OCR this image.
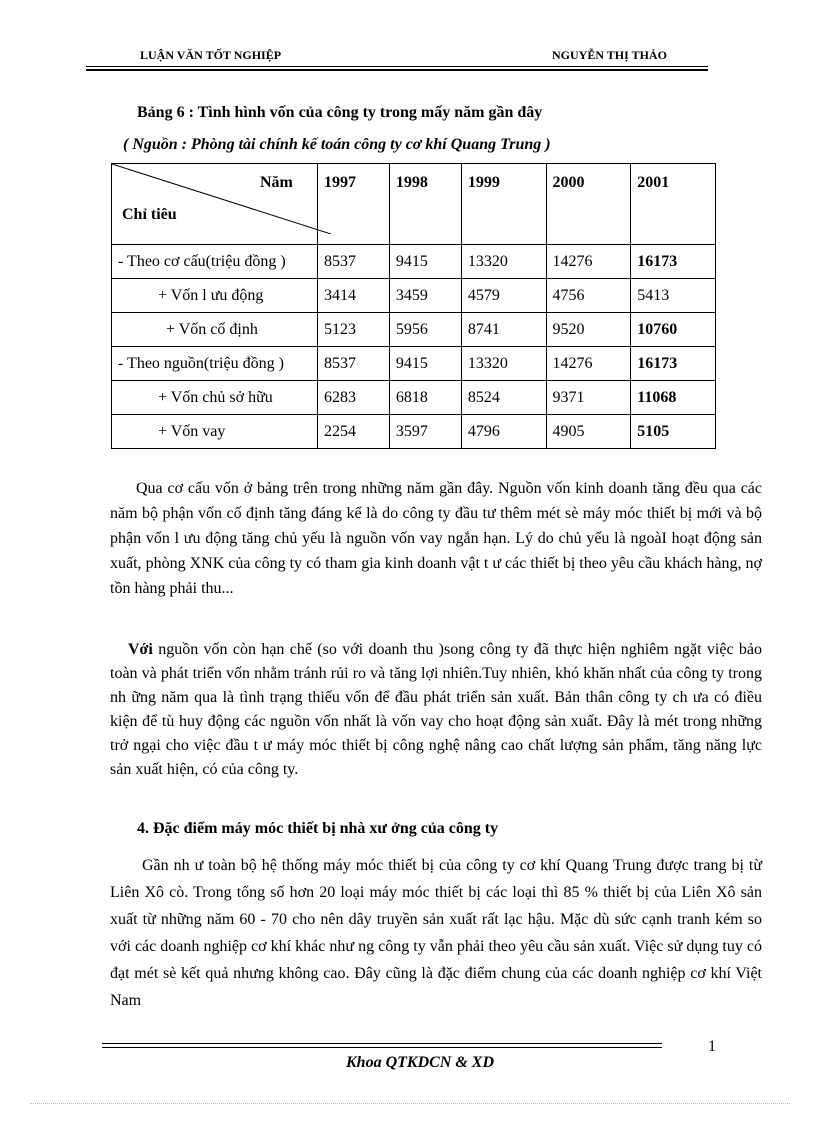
LUẬN VĂN TỐT NGHIỆP	NGUYỄN THỊ THẢO
Bảng 6 : Tình hình vốn của công ty trong mấy năm gần đây
( Nguồn : Phòng tài chính kế toán công ty cơ khí Quang Trung )
Năm
Chỉ tiêu	1997	1998	1999	2000	2001
- Theo cơ cấu(triệu đồng )	8537	9415	13320	14276	16173
+ Vốn l ưu động	3414	3459	4579	4756	5413
+ Vốn cố định	5123	5956	8741	9520	10760
- Theo nguồn(triệu đồng )	8537	9415	13320	14276	16173
+ Vốn chủ sở hữu	6283	6818	8524	9371	11068
+ Vốn vay	2254	3597	4796	4905	5105
Qua cơ cấu vốn ở bảng trên trong những năm gần đây. Nguồn vốn kinh doanh tăng đều qua các năm bộ phận vốn cố định tăng đáng kể là do công ty đầu tư thêm mét sè máy móc thiết bị mới và bộ phận vốn l ưu động tăng chủ yếu là nguồn vốn vay ngắn hạn. Lý do chủ yếu là ngoàI hoạt động sản xuất, phòng XNK của công ty có tham gia kinh doanh vật t ư các thiết bị theo yêu cầu khách hàng, nợ tồn hàng phải thu...
Với nguồn vốn còn hạn chế (so với doanh thu )song công ty đã thực hiện nghiêm ngặt việc bảo toàn và phát triển vốn nhằm tránh rủi ro và tăng lợi nhiên.Tuy nhiên, khó khăn nhất của công ty trong nh ững năm qua là tình trạng thiếu vốn để đầu phát triển sản xuất. Bản thân công ty ch ưa có điều kiện để tù huy động các nguồn vốn nhất là vốn vay cho hoạt động sản xuất. Đây là mét trong những trở ngại cho việc đầu t ư máy móc thiết bị công nghệ nâng cao chất lượng sản phẩm, tăng năng lực sản xuất hiện, có của công ty.
4. Đặc điểm máy móc thiết bị nhà xư ởng của công ty
Gần nh ư toàn bộ hệ thống máy móc thiết bị của công ty cơ khí Quang Trung được trang bị từ Liên Xô cò. Trong tổng số hơn 20 loại máy móc thiết bị các loại thì 85 % thiết bị của Liên Xô sản xuất từ những năm 60 - 70 cho nên dây truyền sản xuất rất lạc hậu. Mặc dù sức cạnh tranh kém so với các doanh nghiệp cơ khí khác như ng công ty vẫn phải theo yêu cầu sản xuất. Việc sử dụng tuy có đạt mét sè kết quả nhưng không cao. Đây cũng là đặc điểm chung của các doanh nghiệp cơ khí Việt Nam
1
Khoa QTKDCN & XD
